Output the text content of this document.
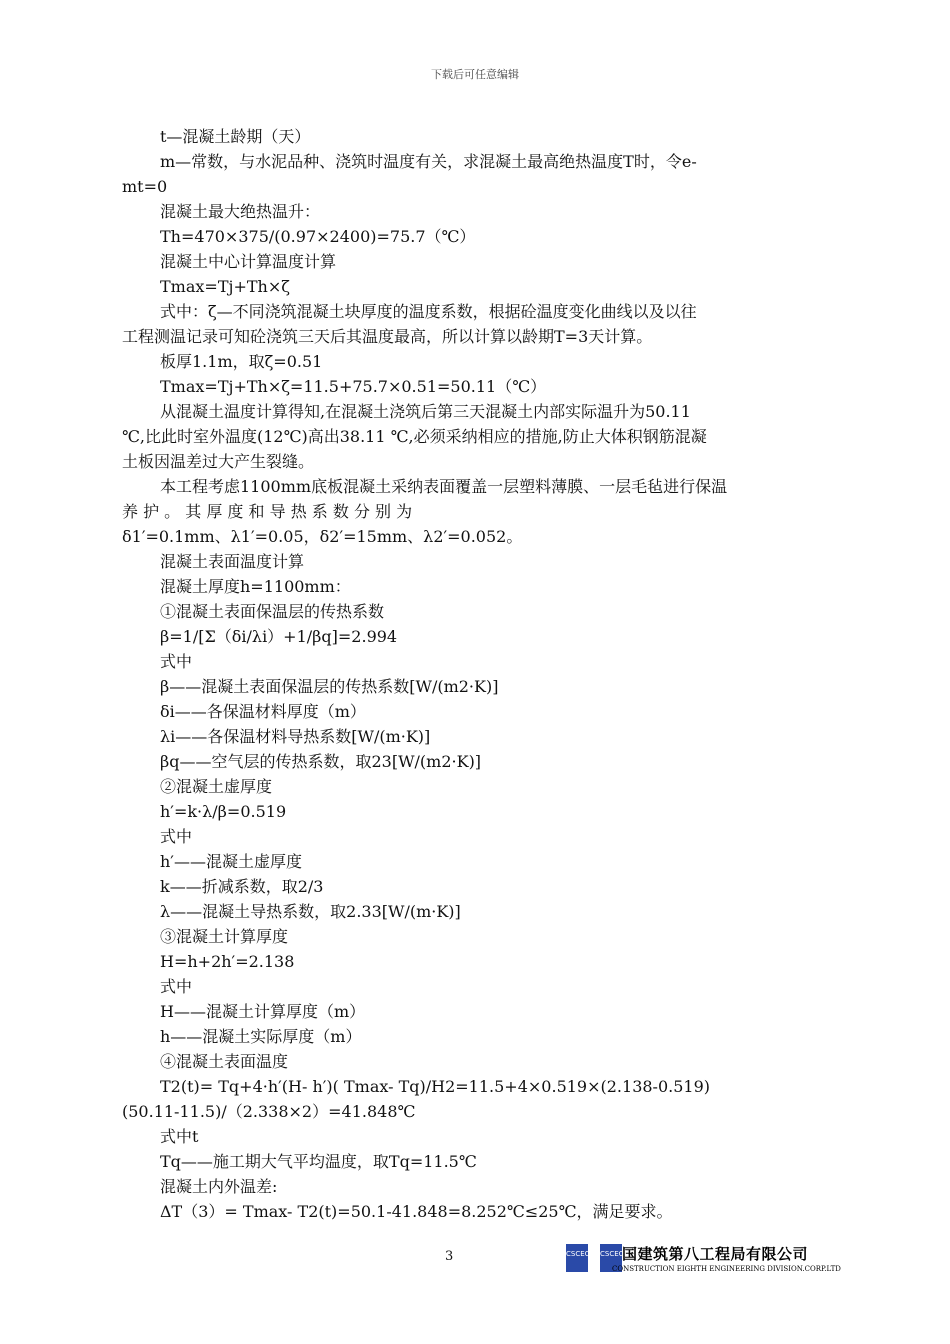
下载后可任意编辑
t—混凝土龄期（天）
m—常数，与水泥品种、浇筑时温度有关，求混凝土最高绝热温度T时，令e-
mt=0
混凝土最大绝热温升：
Th=470×375/(0.97×2400)=75.7（℃）
混凝土中心计算温度计算
Tmax=Tj+Th×ζ
式中：ζ—不同浇筑混凝土块厚度的温度系数，根据砼温度变化曲线以及以往
工程测温记录可知砼浇筑三天后其温度最高，所以计算以龄期T=3天计算。
板厚1.1m，取ζ=0.51
Tmax=Tj+Th×ζ=11.5+75.7×0.51=50.11（℃）
从混凝土温度计算得知,在混凝土浇筑后第三天混凝土内部实际温升为50.11
℃,比此时室外温度(12℃)高出38.11 ℃,必须采纳相应的措施,防止大体积钢筋混凝
土板因温差过大产生裂缝。
本工程考虑1100mm底板混凝土采纳表面覆盖一层塑料薄膜、一层毛毡进行保温
养 护 。 其 厚 度 和 导 热 系 数 分 别 为
δ1′=0.1mm、λ1′=0.05，δ2′=15mm、λ2′=0.052。
混凝土表面温度计算
混凝土厚度h=1100mm：
①混凝土表面保温层的传热系数
β=1/[Σ（δi/λi）+1/βq]=2.994
式中
β——混凝土表面保温层的传热系数[W/(m2·K)]
δi——各保温材料厚度（m）
λi——各保温材料导热系数[W/(m·K)]
βq——空气层的传热系数，取23[W/(m2·K)]
②混凝土虚厚度
h′=k·λ/β=0.519
式中
h′——混凝土虚厚度
k——折减系数，取2/3
λ——混凝土导热系数，取2.33[W/(m·K)]
③混凝土计算厚度
H=h+2h′=2.138
式中
H——混凝土计算厚度（m）
h——混凝土实际厚度（m）
④混凝土表面温度
T2(t)= Tq+4·h′(H- h′)( Tmax- Tq)/H2=11.5+4×0.519×(2.138-0.519)
(50.11-11.5)/（2.338×2）=41.848℃
式中t
Tq——施工期大气平均温度，取Tq=11.5℃
混凝土内外温差:
ΔT（3）= Tmax- T2(t)=50.1-41.848=8.252℃≤25℃，满足要求。
3	CSCEC CSCEC
国建筑第八工程局有限公司
CONSTRUCTION EIGHTH ENGINEERING DIVISION.CORP.LTD
